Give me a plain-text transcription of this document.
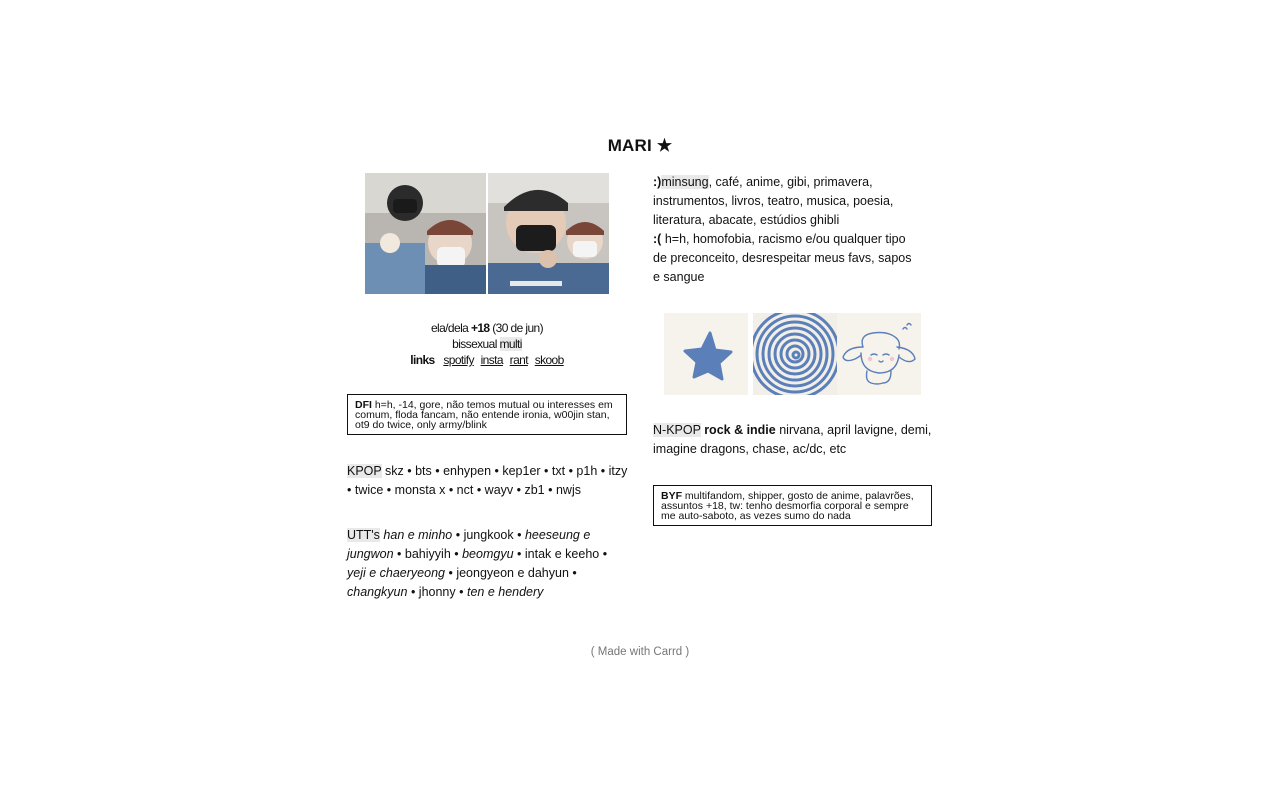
MARI ★
ela/dela +18 (30 de jun)
bissexual multi
links spotify insta rant skoob
DFI h=h, -14, gore, não temos mutual ou interesses em comum, floda fancam, não entende ironia, w00jin stan, ot9 do twice, only army/blink
KPOP skz • bts • enhypen • kep1er • txt • p1h • itzy • twice • monsta x • nct • wayv • zb1 • nwjs
UTT's han e minho • jungkook • heeseung e jungwon • bahiyyih • beomgyu • intak e keeho • yeji e chaeryeong • jeongyeon e dahyun • changkyun • jhonny • ten e hendery
:)minsung, café, anime, gibi, primavera, instrumentos, livros, teatro, musica, poesia, literatura, abacate, estúdios ghibli
:( h=h, homofobia, racismo e/ou qualquer tipo de preconceito, desrespeitar meus favs, sapos e sangue
N-KPOP rock & indie nirvana, april lavigne, demi, imagine dragons, chase, ac/dc, etc
BYF multifandom, shipper, gosto de anime, palavrões, assuntos +18, tw: tenho desmorfia corporal e sempre me auto-saboto, as vezes sumo do nada
( Made with Carrd )
